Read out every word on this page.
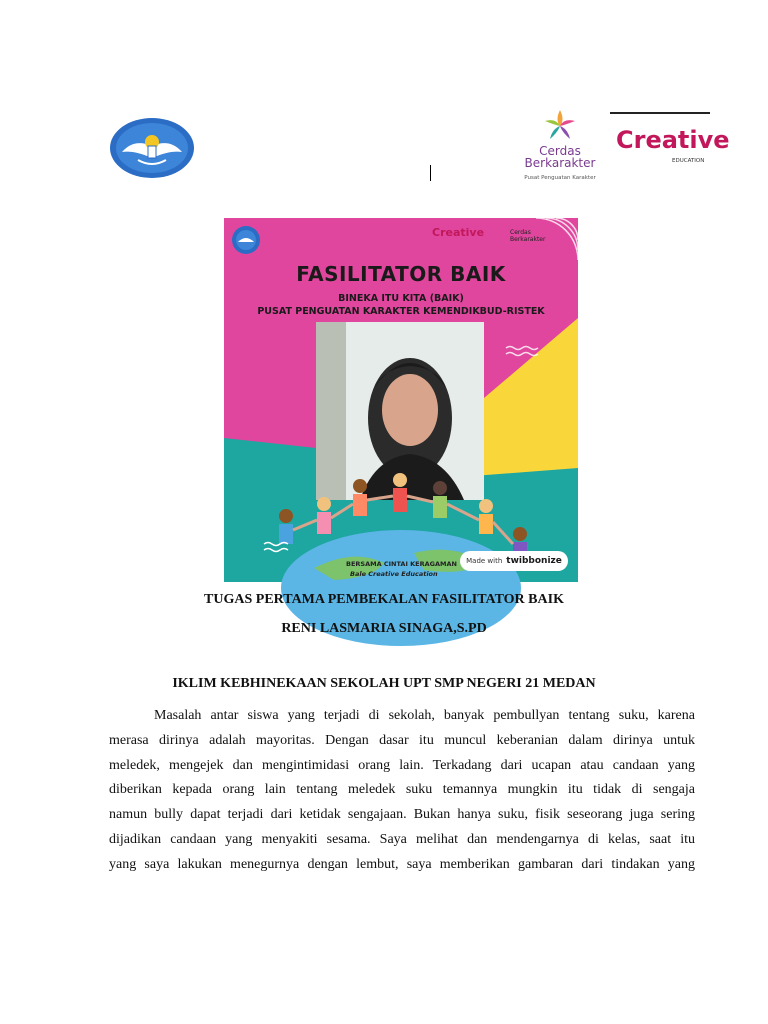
Cerdas
Berkarakter
Pusat Penguatan Karakter
Creative
EDUCATION
Creative	Cerdas
Berkarakter
FASILITATOR BAIK
BINEKA ITU KITA (BAIK)
PUSAT PENGUATAN KARAKTER KEMENDIKBUD-RISTEK
BERSAMA CINTAI KERAGAMAN
Bale Creative Education
Made with twibbonize
TUGAS PERTAMA PEMBEKALAN FASILITATOR BAIK
RENI LASMARIA SINAGA,S.PD
IKLIM KEBHINEKAAN SEKOLAH UPT SMP NEGERI 21 MEDAN
Masalah antar siswa yang terjadi di sekolah, banyak pembullyan tentang suku, karena
merasa dirinya adalah mayoritas. Dengan dasar itu muncul keberanian dalam dirinya untuk
meledek, mengejek dan mengintimidasi orang lain. Terkadang dari ucapan atau candaan yang
diberikan kepada orang lain tentang meledek suku temannya mungkin itu tidak di sengaja
namun bully dapat terjadi dari ketidak sengajaan. Bukan hanya suku, fisik seseorang juga sering
dijadikan candaan yang menyakiti sesama. Saya melihat dan mendengarnya di kelas, saat itu
yang saya lakukan menegurnya dengan lembut, saya memberikan gambaran dari tindakan yang
